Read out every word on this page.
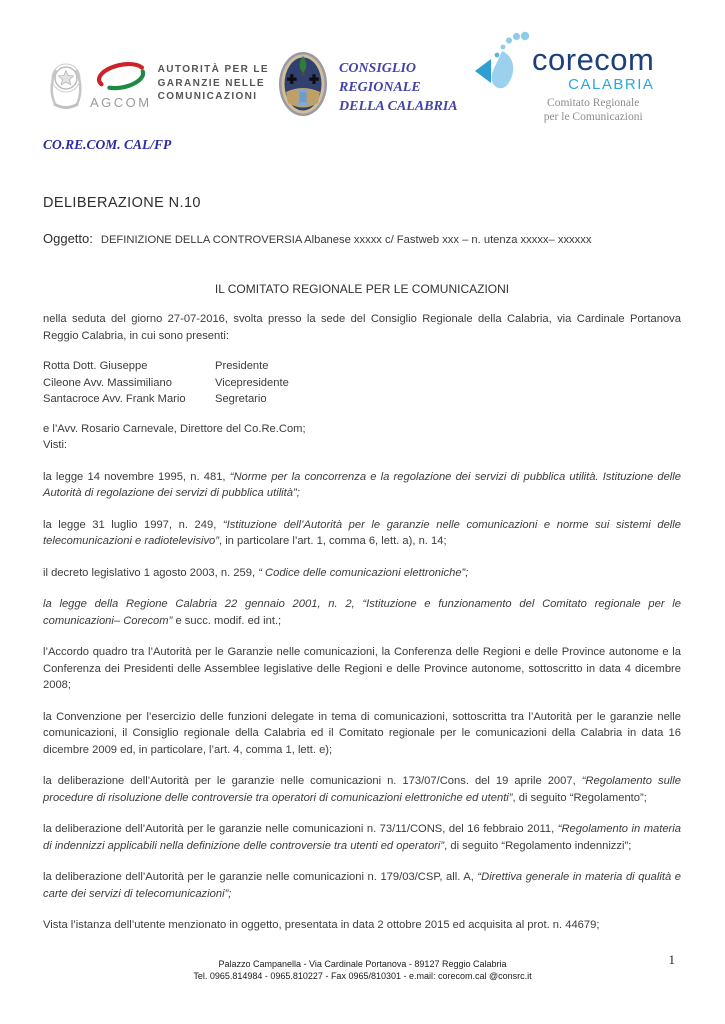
AGCOM
AUTORITÀ PER LE
GARANZIE NELLE
COMUNICAZIONI
CONSIGLIO
REGIONALE
DELLA CALABRIA
corecom
CALABRIA
Comitato Regionale
per le Comunicazioni
CO.RE.COM. CAL/FP
DELIBERAZIONE N.10
Oggetto: DEFINIZIONE DELLA CONTROVERSIA Albanese xxxxx c/ Fastweb xxx – n. utenza xxxxx– xxxxxx
IL COMITATO REGIONALE PER LE COMUNICAZIONI

nella seduta del giorno 27-07-2016, svolta presso la sede del Consiglio Regionale della Calabria, via Cardinale Portanova Reggio Calabria, in cui sono presenti:

Rotta Dott. Giuseppe	Presidente
Cileone Avv. Massimiliano	Vicepresidente
Santacroce Avv. Frank Mario	Segretario
e l’Avv. Rosario Carnevale, Direttore del Co.Re.Com;
Visti:

la legge 14 novembre 1995, n. 481, “Norme per la concorrenza e la regolazione dei servizi di pubblica utilità. Istituzione delle Autorità di regolazione dei servizi di pubblica utilità”;

la legge 31 luglio 1997, n. 249, “Istituzione dell’Autorità per le garanzie nelle comunicazioni e norme sui sistemi delle telecomunicazioni e radiotelevisivo”, in particolare l’art. 1, comma 6, lett. a), n. 14;

il decreto legislativo 1 agosto 2003, n. 259, “ Codice delle comunicazioni elettroniche”;

la legge della Regione Calabria 22 gennaio 2001, n. 2, “Istituzione e funzionamento del Comitato regionale per le comunicazioni– Corecom” e succ. modif. ed int.;

l’Accordo quadro tra l’Autorità per le Garanzie nelle comunicazioni, la Conferenza delle Regioni e delle Province autonome e la Conferenza dei Presidenti delle Assemblee legislative delle Regioni e delle Province autonome, sottoscritto in data 4 dicembre 2008;

la Convenzione per l’esercizio delle funzioni delegate in tema di comunicazioni, sottoscritta tra l’Autorità per le garanzie nelle comunicazioni, il Consiglio regionale della Calabria ed il Comitato regionale per le comunicazioni della Calabria in data 16 dicembre 2009 ed, in particolare, l’art. 4, comma 1, lett. e);

la deliberazione dell’Autorità per le garanzie nelle comunicazioni n. 173/07/Cons. del 19 aprile 2007, “Regolamento sulle procedure di risoluzione delle controversie tra operatori di comunicazioni elettroniche ed utenti”, di seguito “Regolamento”;

la deliberazione dell’Autorità per le garanzie nelle comunicazioni n. 73/11/CONS, del 16 febbraio 2011, “Regolamento in materia di indennizzi applicabili nella definizione delle controversie tra utenti ed operatori”, di seguito “Regolamento indennizzi”;

la deliberazione dell’Autorità per le garanzie nelle comunicazioni n. 179/03/CSP, all. A, “Direttiva generale in materia di qualità e carte dei servizi di telecomunicazioni”;

Vista l’istanza dell’utente menzionato in oggetto, presentata in data 2 ottobre 2015 ed acquisita al prot. n. 44679;

Palazzo Campanella - Via Cardinale Portanova - 89127 Reggio Calabria
Tel. 0965.814984 - 0965.810227 - Fax 0965/810301 - e.mail: corecom.cal @consrc.it
1
